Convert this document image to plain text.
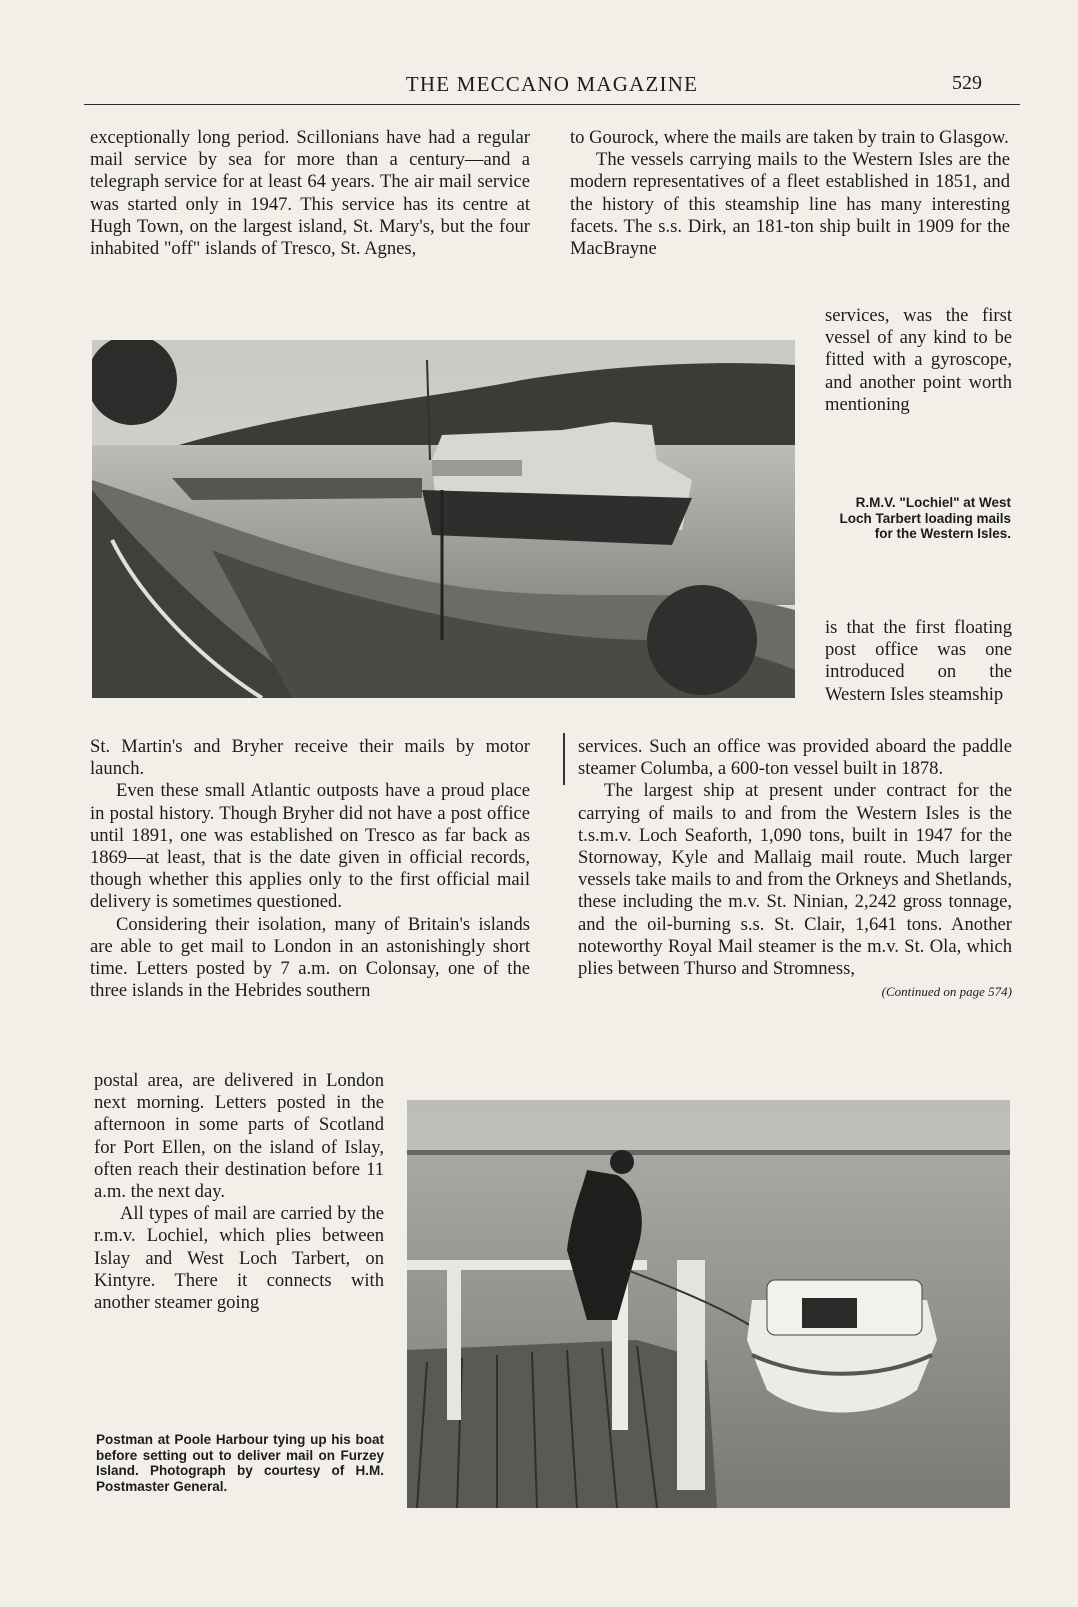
THE MECCANO MAGAZINE	529

exceptionally long period. Scillonians have had a regular mail service by sea for more than a century—and a telegraph service for at least 64 years. The air mail service was started only in 1947. This service has its centre at Hugh Town, on the largest island, St. Mary's, but the four inhabited "off" islands of Tresco, St. Agnes,

to Gourock, where the mails are taken by train to Glasgow.

The vessels carrying mails to the Western Isles are the modern representatives of a fleet established in 1851, and the history of this steamship line has many interesting facets. The s.s. Dirk, an 181-ton ship built in 1909 for the MacBrayne

services, was the first vessel of any kind to be fitted with a gyroscope, and another point worth mentioning

R.M.V. "Lochiel" at West Loch Tarbert loading mails for the Western Isles.

is that the first floating post office was one introduced on the Western Isles steamship

St. Martin's and Bryher receive their mails by motor launch.

Even these small Atlantic outposts have a proud place in postal history. Though Bryher did not have a post office until 1891, one was established on Tresco as far back as 1869—at least, that is the date given in official records, though whether this applies only to the first official mail delivery is sometimes questioned.

Considering their isolation, many of Britain's islands are able to get mail to London in an astonishingly short time. Letters posted by 7 a.m. on Colonsay, one of the three islands in the Hebrides southern

services. Such an office was provided aboard the paddle steamer Columba, a 600-ton vessel built in 1878.

The largest ship at present under contract for the carrying of mails to and from the Western Isles is the t.s.m.v. Loch Seaforth, 1,090 tons, built in 1947 for the Stornoway, Kyle and Mallaig mail route. Much larger vessels take mails to and from the Orkneys and Shetlands, these including the m.v. St. Ninian, 2,242 gross tonnage, and the oil-burning s.s. St. Clair, 1,641 tons. Another noteworthy Royal Mail steamer is the m.v. St. Ola, which plies between Thurso and Stromness,

(Continued on page 574)

postal area, are delivered in London next morning. Letters posted in the afternoon in some parts of Scotland for Port Ellen, on the island of Islay, often reach their destination before 11 a.m. the next day.

All types of mail are carried by the r.m.v. Lochiel, which plies between Islay and West Loch Tarbert, on Kintyre. There it connects with another steamer going

Postman at Poole Harbour tying up his boat before setting out to deliver mail on Furzey Island. Photograph by courtesy of H.M. Postmaster General.
